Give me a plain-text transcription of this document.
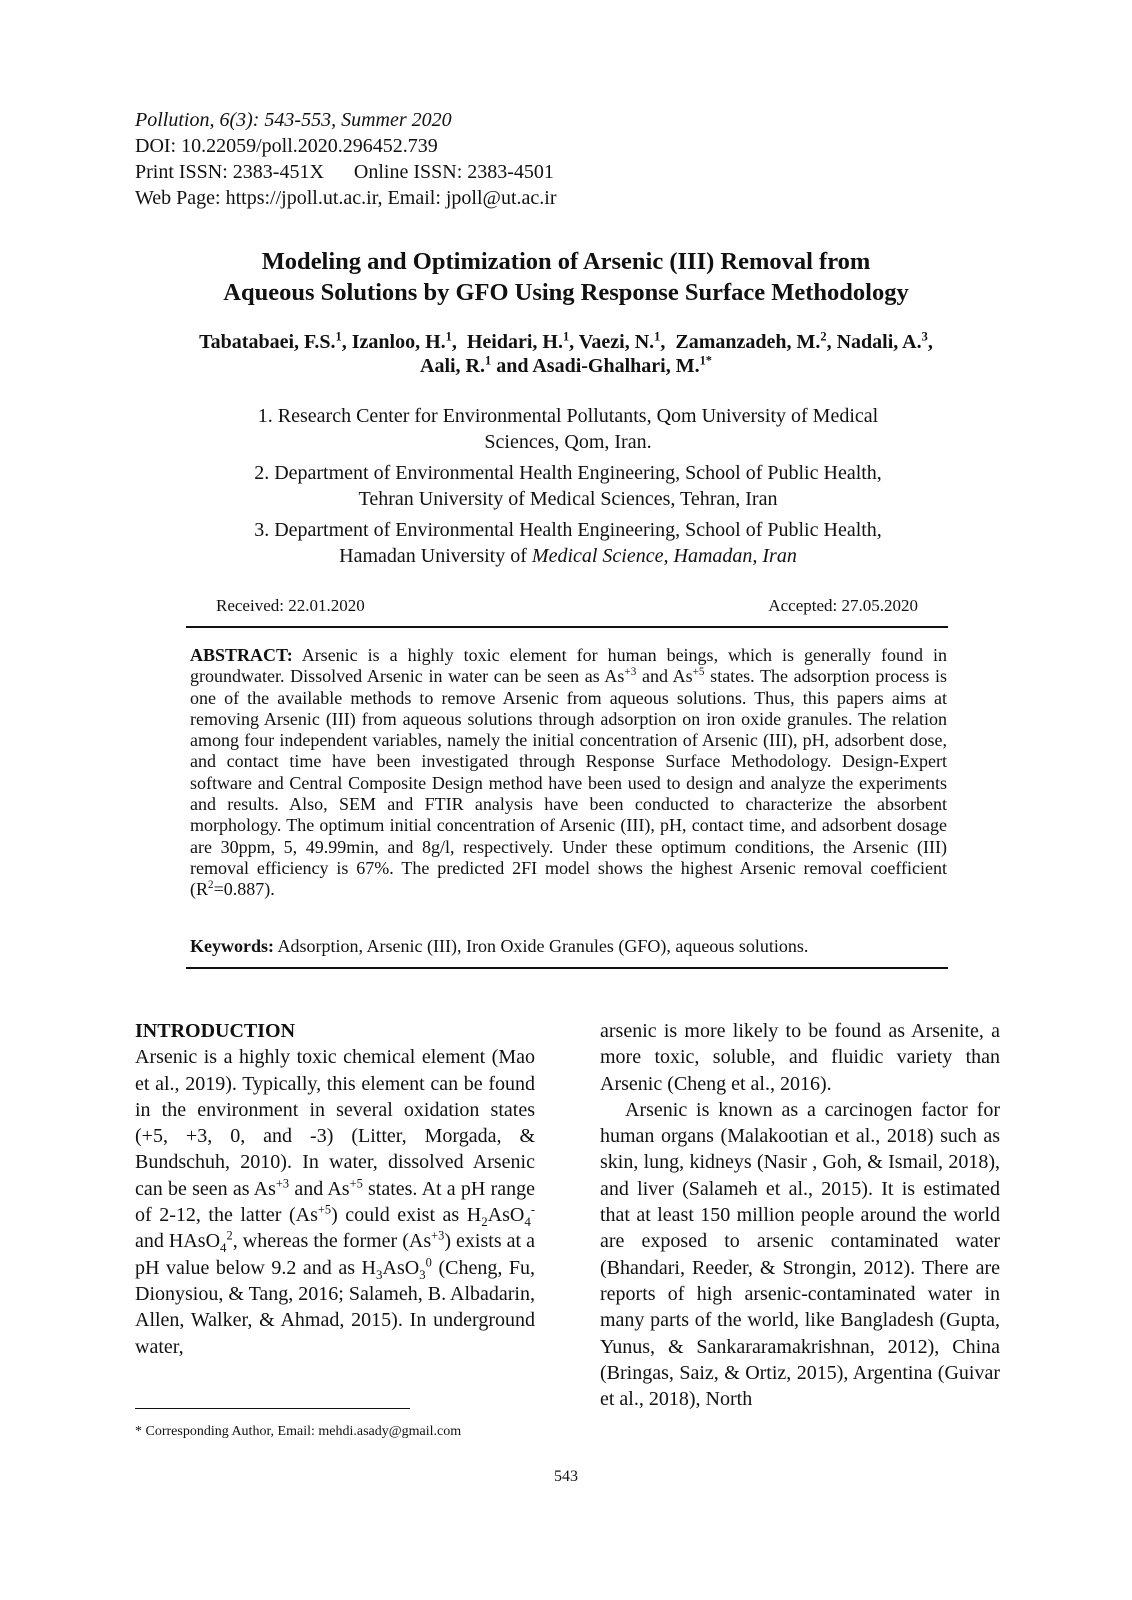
Pollution, 6(3): 543-553, Summer 2020
DOI: 10.22059/poll.2020.296452.739
Print ISSN: 2383-451X      Online ISSN: 2383-4501
Web Page: https://jpoll.ut.ac.ir, Email: jpoll@ut.ac.ir
Modeling and Optimization of Arsenic (III) Removal from
Aqueous Solutions by GFO Using Response Surface Methodology
Tabatabaei, F.S.$^1$, Izanloo, H.$^1$,  Heidari, H.$^1$, Vaezi, N.$^1$,  Zamanzadeh, M.$^2$, Nadali, A.$^3$,
Aali, R.$^1$ and Asadi-Ghalhari, M.$^{1*}$
1. Research Center for Environmental Pollutants, Qom University of Medical
Sciences, Qom, Iran.
2. Department of Environmental Health Engineering, School of Public Health,
Tehran University of Medical Sciences, Tehran, Iran
3. Department of Environmental Health Engineering, School of Public Health,
Hamadan University of Medical Science, Hamadan, Iran
Received: 22.01.2020	Accepted: 27.05.2020
ABSTRACT: Arsenic is a highly toxic element for human beings, which is generally found in groundwater. Dissolved Arsenic in water can be seen as $As^{+3}$ and $As^{+5}$ states. The adsorption process is one of the available methods to remove Arsenic from aqueous solutions. Thus, this papers aims at removing Arsenic (III) from aqueous solutions through adsorption on iron oxide granules. The relation among four independent variables, namely the initial concentration of Arsenic (III), pH, adsorbent dose, and contact time have been investigated through Response Surface Methodology. Design-Expert software and Central Composite Design method have been used to design and analyze the experiments and results. Also, SEM and FTIR analysis have been conducted to characterize the absorbent morphology. The optimum initial concentration of Arsenic (III), pH, contact time, and adsorbent dosage are 30ppm, 5, 49.99min, and 8g/l, respectively. Under these optimum conditions, the Arsenic (III) removal efficiency is 67%. The predicted 2FI model shows the highest Arsenic removal coefficient $(R^2=0.887)$.
Keywords: Adsorption, Arsenic (III), Iron Oxide Granules (GFO), aqueous solutions.
INTRODUCTION

Arsenic is a highly toxic chemical element (Mao et al., 2019). Typically, this element can be found in the environment in several oxidation states (+5, +3, 0, and -3) (Litter, Morgada, & Bundschuh, 2010). In water, dissolved Arsenic can be seen as $As^{+3}$ and $As^{+5}$ states. At a pH range of 2-12, the latter $(As^{+5})$ could exist as $H_2AsO_4^-$ and HAsO$_4^2$, whereas the former $(As^{+3})$ exists at a pH value below 9.2 and as $H_3AsO_3^0$ (Cheng, Fu, Dionysiou, & Tang, 2016; Salameh, B. Albadarin, Allen, Walker, & Ahmad, 2015). In underground water,

arsenic is more likely to be found as Arsenite, a more toxic, soluble, and fluidic variety than Arsenic (Cheng et al., 2016).

Arsenic is known as a carcinogen factor for human organs (Malakootian et al., 2018) such as skin, lung, kidneys (Nasir , Goh, & Ismail, 2018), and liver (Salameh et al., 2015). It is estimated that at least 150 million people around the world are exposed to arsenic contaminated water (Bhandari, Reeder, & Strongin, 2012). There are reports of high arsenic-contaminated water in many parts of the world, like Bangladesh (Gupta, Yunus, & Sankararamakrishnan, 2012), China (Bringas, Saiz, & Ortiz, 2015), Argentina (Guivar et al., 2018), North

* Corresponding Author, Email: mehdi.asady@gmail.com
543
